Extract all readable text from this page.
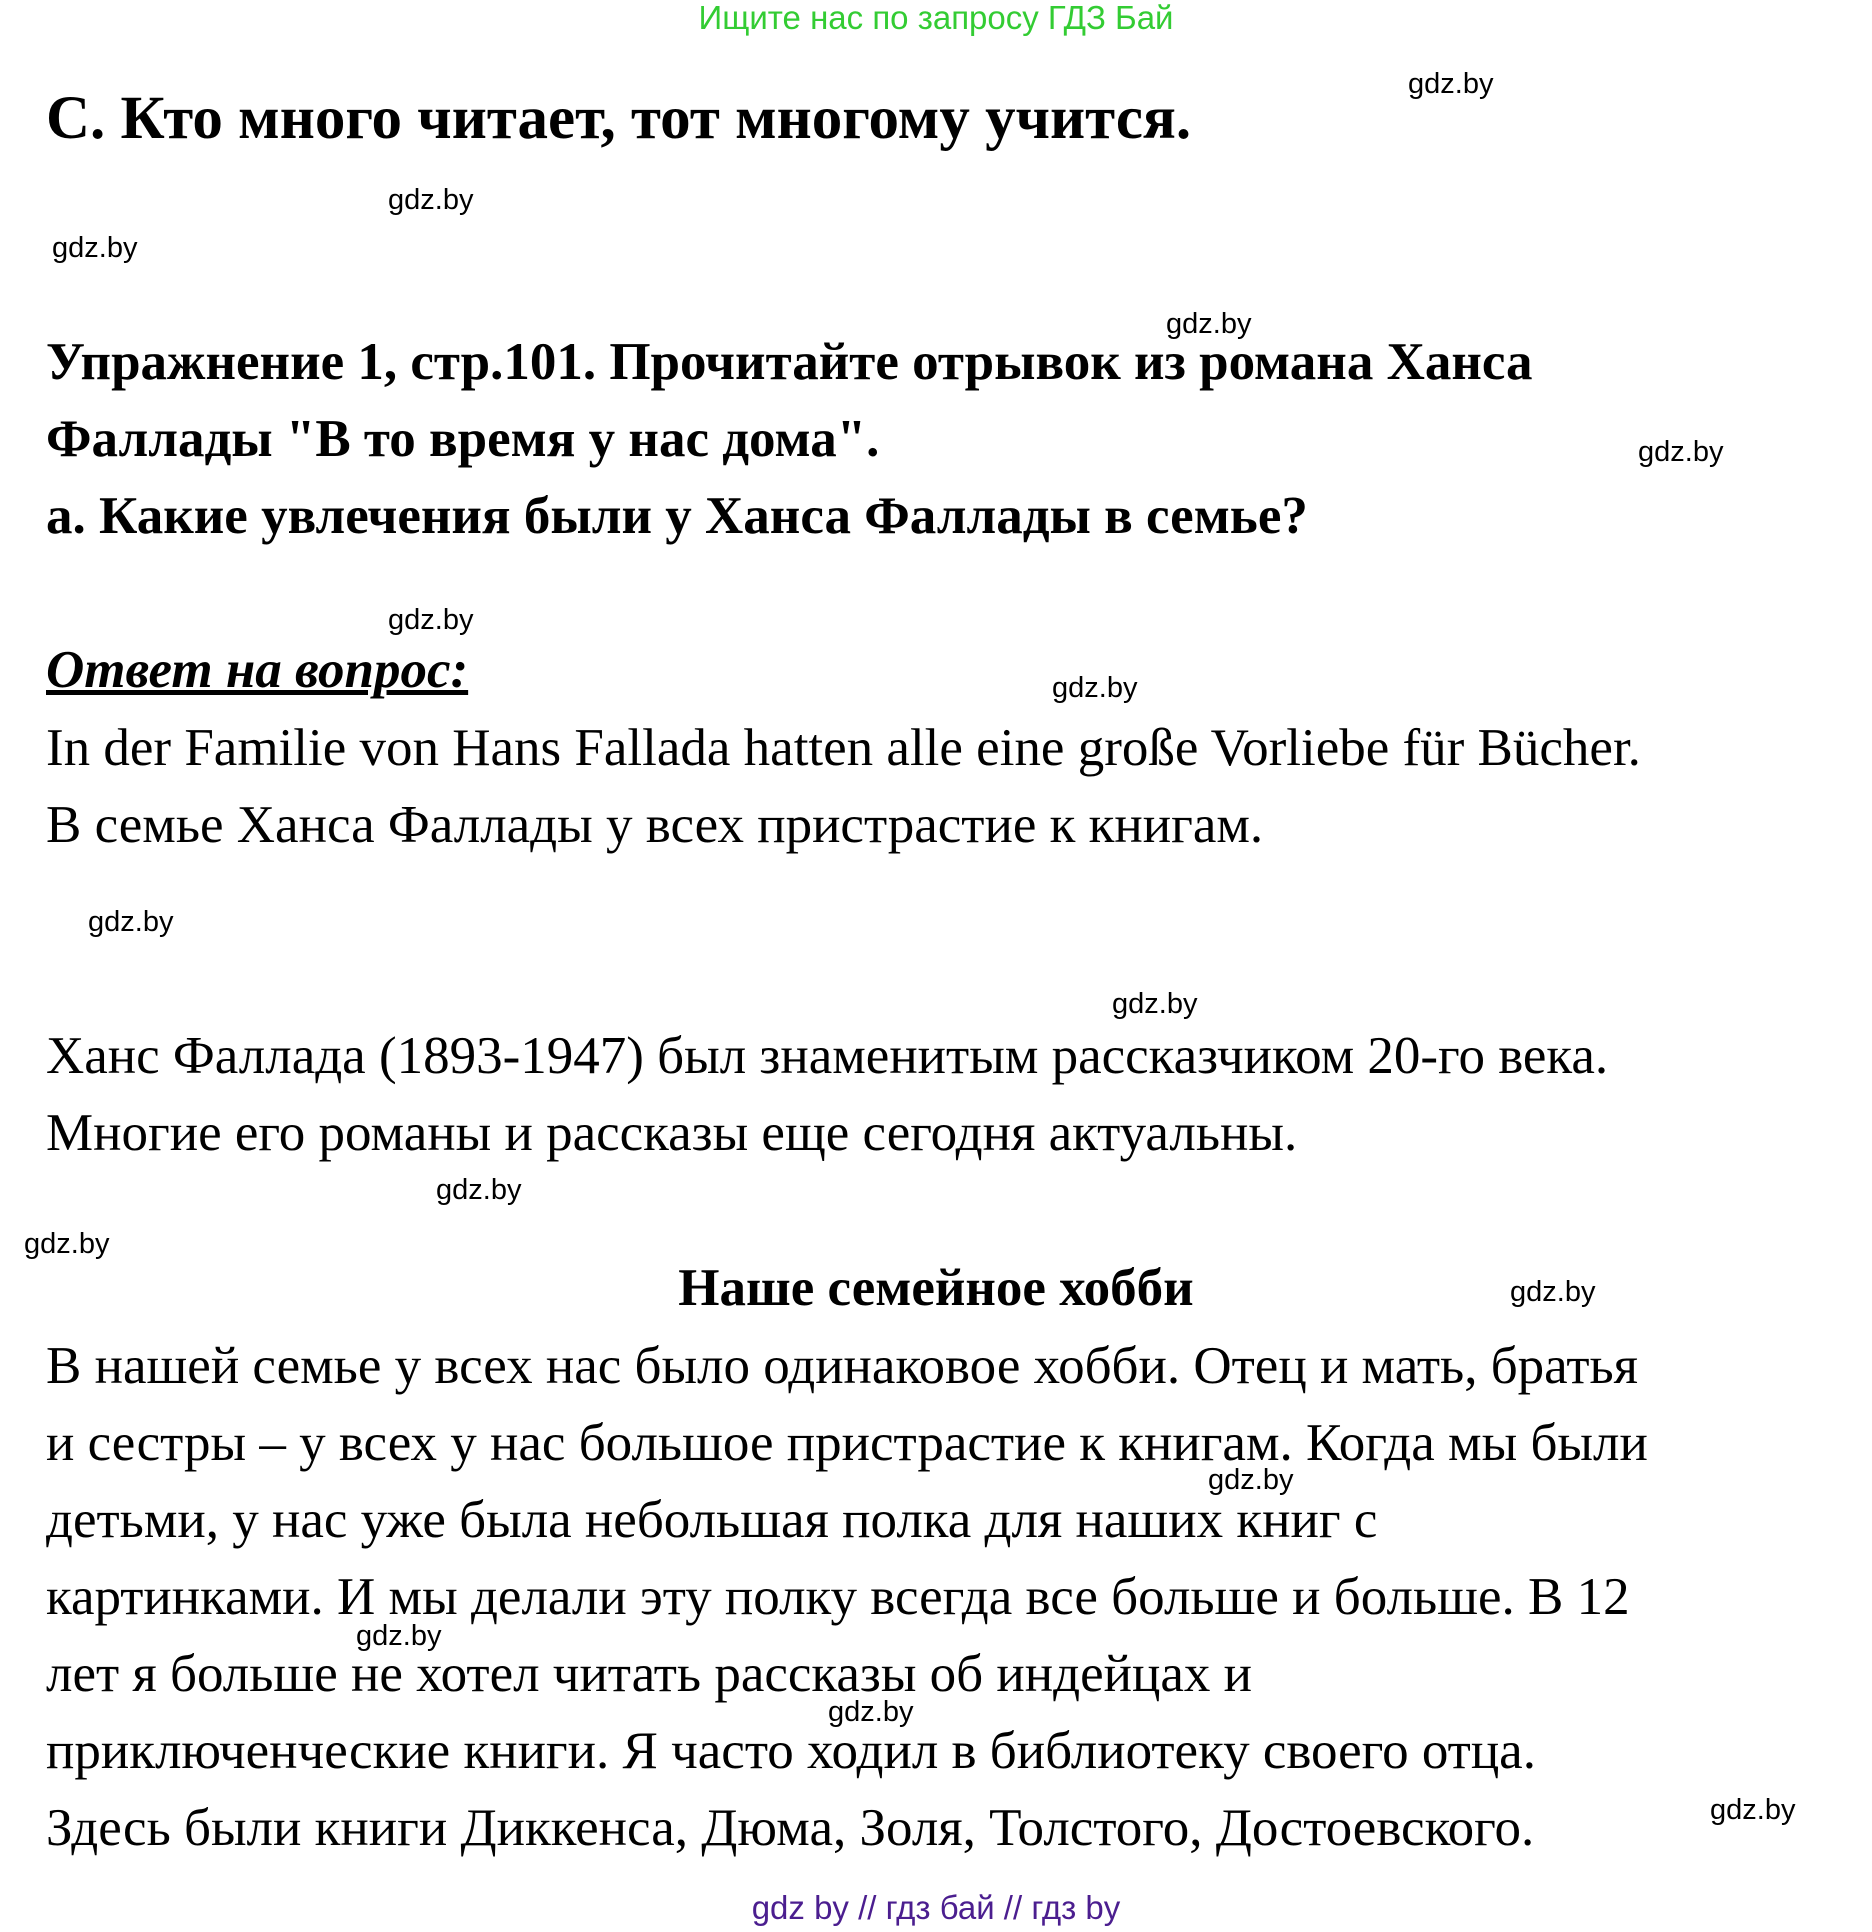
Ищите нас по запросу ГДЗ Бай
C. Кто много читает, тот многому учится.
Упражнение 1, стр.101. Прочитайте отрывок из романа Ханса
Фаллады "В то время у нас дома".
а. Какие увлечения были у Ханса Фаллады в семье?
Ответ на вопрос:
In der Familie von Hans Fallada hatten alle eine große Vorliebe für Bücher.
В семье Ханса Фаллады у всех пристрастие к книгам.
Ханс Фаллада (1893-1947) был знаменитым рассказчиком 20-го века.
Многие его романы и рассказы еще сегодня актуальны.
Наше семейное хобби
В нашей семье у всех нас было одинаковое хобби. Отец и мать, братья
и сестры – у всех у нас большое пристрастие к книгам. Когда мы были
детьми, у нас уже была небольшая полка для наших книг с
картинками. И мы делали эту полку всегда все больше и больше. В 12
лет я больше не хотел читать рассказы об индейцах и
приключенческие книги. Я часто ходил в библиотеку своего отца.
Здесь были книги Диккенса, Дюма, Золя, Толстого, Достоевского.
gdz.by
gdz.by
gdz.by
gdz.by
gdz.by
gdz.by
gdz.by
gdz.by
gdz.by
gdz.by
gdz.by
gdz.by
gdz.by
gdz.by
gdz.by
gdz.by
gdz by // гдз бай // гдз by
